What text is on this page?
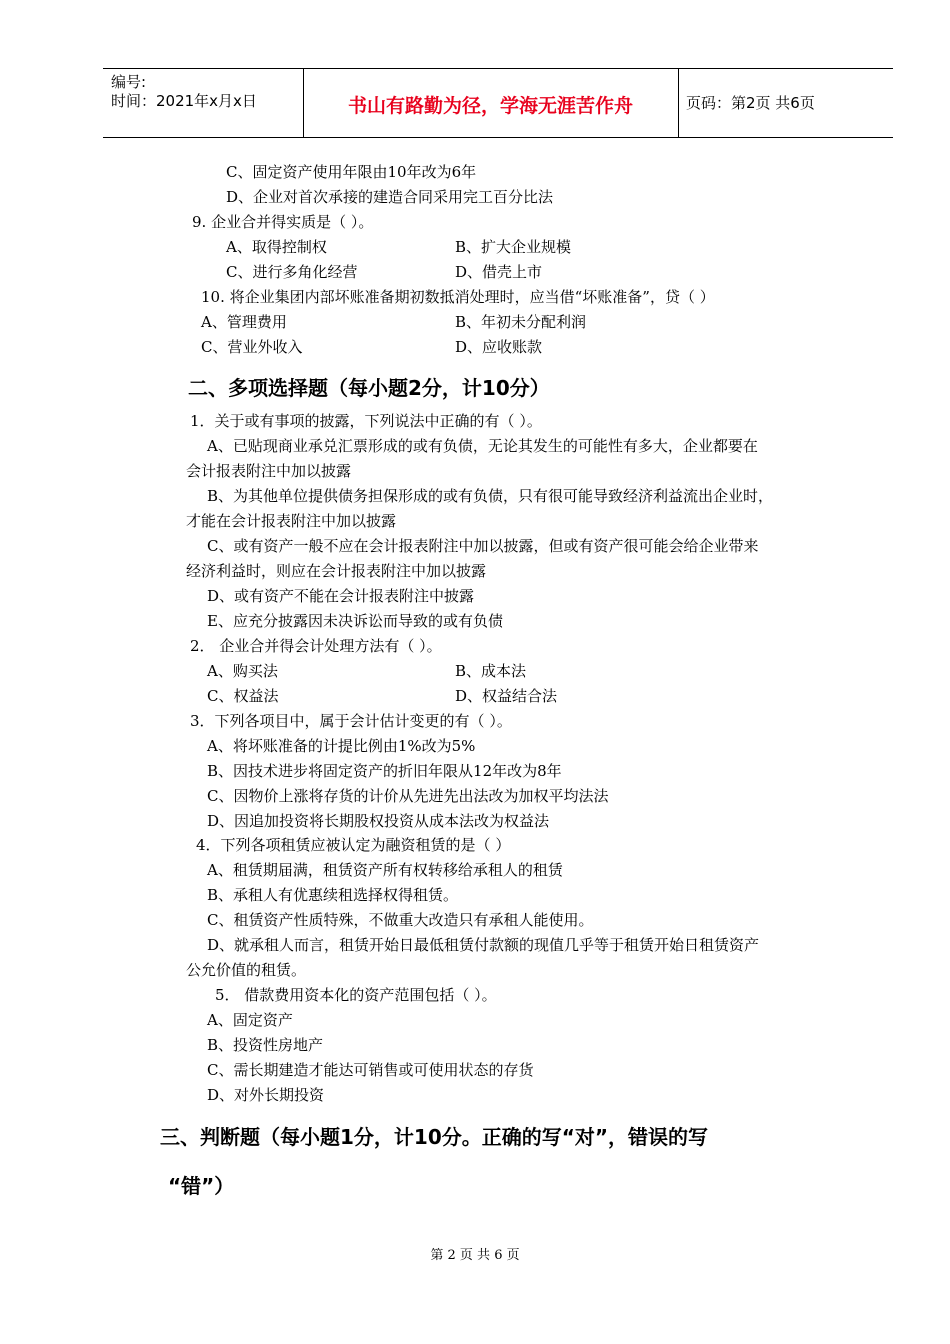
编号:
时间：2021年x月x日	书山有路勤为径，学海无涯苦作舟	页码：第2页 共6页
C、固定资产使用年限由10年改为6年
D、企业对首次承接的建造合同采用完工百分比法
9. 企业合并得实质是（ ）。
A、取得控制权	B、扩大企业规模
C、进行多角化经营	D、借壳上市
10. 将企业集团内部坏账准备期初数抵消处理时，应当借“坏账准备”，贷（ ）
A、管理费用	B、年初未分配利润
C、营业外收入	D、应收账款
二、多项选择题（每小题2分，计10分）
1．关于或有事项的披露，下列说法中正确的有（ ）。
A、已贴现商业承兑汇票形成的或有负债，无论其发生的可能性有多大，企业都要在
会计报表附注中加以披露
B、为其他单位提供债务担保形成的或有负债，只有很可能导致经济利益流出企业时，
才能在会计报表附注中加以披露
C、或有资产一般不应在会计报表附注中加以披露，但或有资产很可能会给企业带来
经济利益时，则应在会计报表附注中加以披露
D、或有资产不能在会计报表附注中披露
E、应充分披露因未决诉讼而导致的或有负债
2． 企业合并得会计处理方法有（ ）。
A、购买法	B、成本法
C、权益法	D、权益结合法
3．下列各项目中，属于会计估计变更的有（ ）。
A、将坏账准备的计提比例由1%改为5%
B、因技术进步将固定资产的折旧年限从12年改为8年
C、因物价上涨将存货的计价从先进先出法改为加权平均法法
D、因追加投资将长期股权投资从成本法改为权益法
4．下列各项租赁应被认定为融资租赁的是（ ）
A、租赁期届满，租赁资产所有权转移给承租人的租赁
B、承租人有优惠续租选择权得租赁。
C、租赁资产性质特殊，不做重大改造只有承租人能使用。
D、就承租人而言，租赁开始日最低租赁付款额的现值几乎等于租赁开始日租赁资产
公允价值的租赁。
5． 借款费用资本化的资产范围包括（ ）。
A、固定资产
B、投资性房地产
C、需长期建造才能达可销售或可使用状态的存货
D、对外长期投资
三、判断题（每小题1分，计10分。正确的写“对”，错误的写
“错”）
第 2 页 共 6 页
